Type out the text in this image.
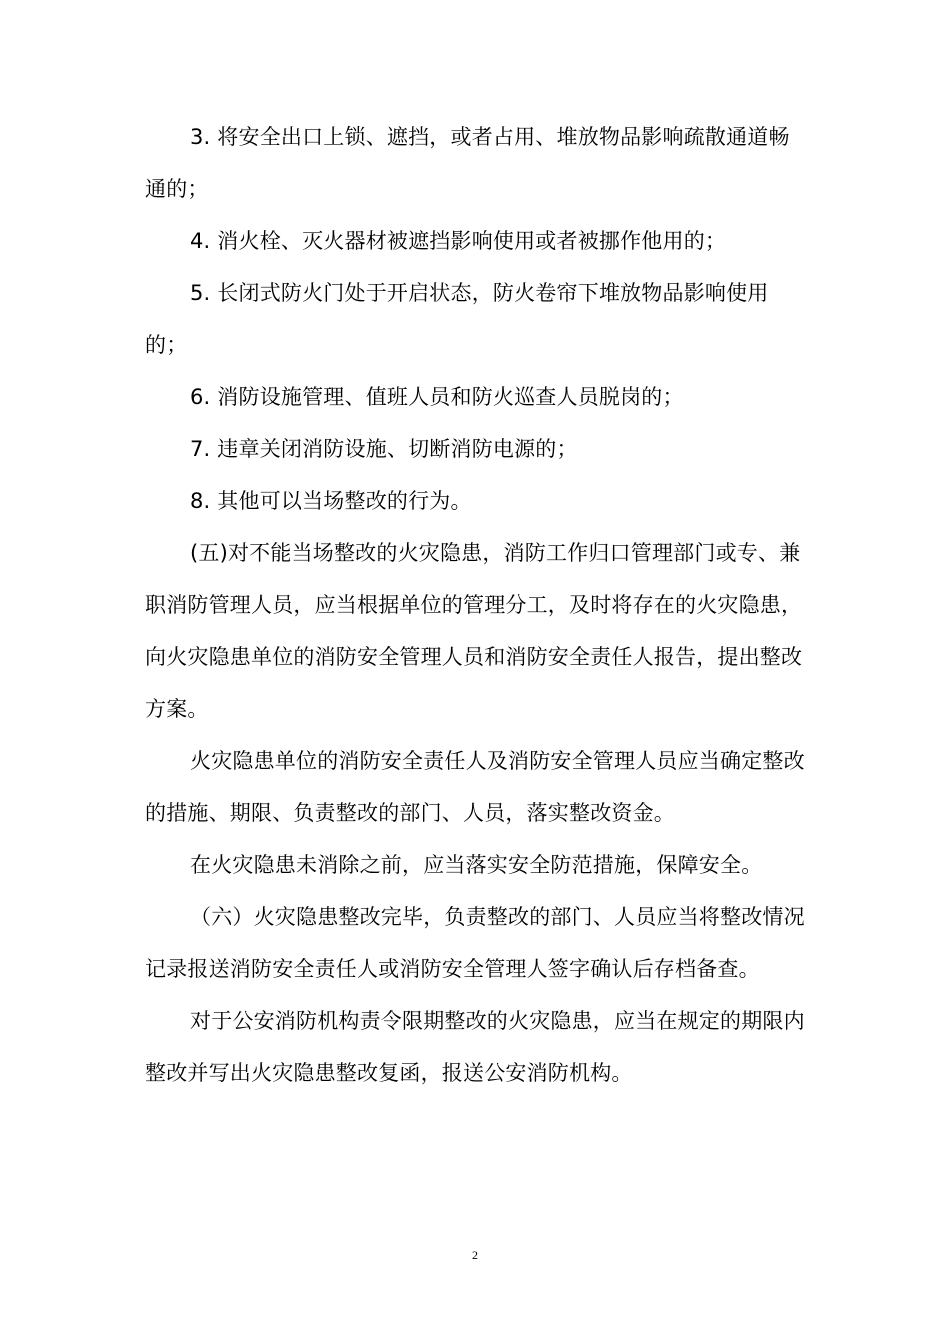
3. 将安全出口上锁、遮挡，或者占用、堆放物品影响疏散通道畅通的；

4. 消火栓、灭火器材被遮挡影响使用或者被挪作他用的；

5. 长闭式防火门处于开启状态，防火卷帘下堆放物品影响使用的；

6. 消防设施管理、值班人员和防火巡查人员脱岗的；

7. 违章关闭消防设施、切断消防电源的；

8. 其他可以当场整改的行为。

(五)对不能当场整改的火灾隐患，消防工作归口管理部门或专、兼职消防管理人员，应当根据单位的管理分工，及时将存在的火灾隐患，向火灾隐患单位的消防安全管理人员和消防安全责任人报告，提出整改方案。

火灾隐患单位的消防安全责任人及消防安全管理人员应当确定整改的措施、期限、负责整改的部门、人员，落实整改资金。

在火灾隐患未消除之前，应当落实安全防范措施，保障安全。

（六）火灾隐患整改完毕，负责整改的部门、人员应当将整改情况记录报送消防安全责任人或消防安全管理人签字确认后存档备查。

对于公安消防机构责令限期整改的火灾隐患，应当在规定的期限内整改并写出火灾隐患整改复函，报送公安消防机构。

2
